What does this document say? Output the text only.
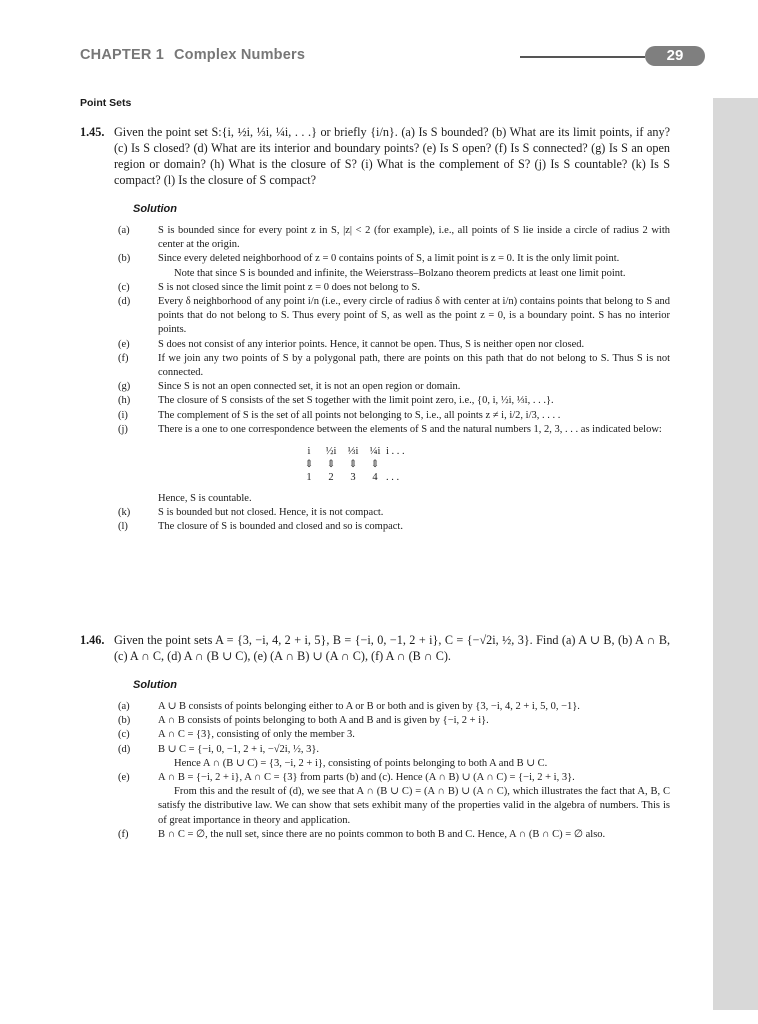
CHAPTER 1 Complex Numbers	29
Point Sets
1.45. Given the point set S:{i, ½i, ⅓i, ¼i, . . .} or briefly {i/n}. (a) Is S bounded? (b) What are its limit points, if any? (c) Is S closed? (d) What are its interior and boundary points? (e) Is S open? (f) Is S connected? (g) Is S an open region or domain? (h) What is the closure of S? (i) What is the complement of S? (j) Is S countable? (k) Is S compact? (l) Is the closure of S compact?
Solution
(a)	S is bounded since for every point z in S, |z| < 2 (for example), i.e., all points of S lie inside a circle of radius 2 with center at the origin.
(b)	Since every deleted neighborhood of z = 0 contains points of S, a limit point is z = 0. It is the only limit point.
Note that since S is bounded and infinite, the Weierstrass–Bolzano theorem predicts at least one limit point.
(c)	S is not closed since the limit point z = 0 does not belong to S.
(d)	Every δ neighborhood of any point i/n (i.e., every circle of radius δ with center at i/n) contains points that belong to S and points that do not belong to S. Thus every point of S, as well as the point z = 0, is a boundary point. S has no interior points.
(e)	S does not consist of any interior points. Hence, it cannot be open. Thus, S is neither open nor closed.
(f)	If we join any two points of S by a polygonal path, there are points on this path that do not belong to S. Thus S is not connected.
(g)	Since S is not an open connected set, it is not an open region or domain.
(h)	The closure of S consists of the set S together with the limit point zero, i.e., {0, i, ½i, ⅓i, . . .}.
(i)	The complement of S is the set of all points not belonging to S, i.e., all points z ≠ i, i/2, i/3, . . . .
(j)	There is a one to one correspondence between the elements of S and the natural numbers 1, 2, 3, . . . as indicated below:
i	½i	⅓i	¼i	i . . .
⇕	⇕	⇕	⇕	
1	2	3	4	. . .
Hence, S is countable.
(k)	S is bounded but not closed. Hence, it is not compact.
(l)	The closure of S is bounded and closed and so is compact.
1.46. Given the point sets A = {3, −i, 4, 2 + i, 5}, B = {−i, 0, −1, 2 + i}, C = {−√2i, ½, 3}. Find (a) A ∪ B, (b) A ∩ B, (c) A ∩ C, (d) A ∩ (B ∪ C), (e) (A ∩ B) ∪ (A ∩ C), (f) A ∩ (B ∩ C).
Solution
(a)	A ∪ B consists of points belonging either to A or B or both and is given by {3, −i, 4, 2 + i, 5, 0, −1}.
(b)	A ∩ B consists of points belonging to both A and B and is given by {−i, 2 + i}.
(c)	A ∩ C = {3}, consisting of only the member 3.
(d)	B ∪ C = {−i, 0, −1, 2 + i, −√2i, ½, 3}.
Hence A ∩ (B ∪ C) = {3, −i, 2 + i}, consisting of points belonging to both A and B ∪ C.
(e)	A ∩ B = {−i, 2 + i}, A ∩ C = {3} from parts (b) and (c). Hence (A ∩ B) ∪ (A ∩ C) = {−i, 2 + i, 3}.
From this and the result of (d), we see that A ∩ (B ∪ C) = (A ∩ B) ∪ (A ∩ C), which illustrates the fact that A, B, C satisfy the distributive law. We can show that sets exhibit many of the properties valid in the algebra of numbers. This is of great importance in theory and application.
(f)	B ∩ C = ∅, the null set, since there are no points common to both B and C. Hence, A ∩ (B ∩ C) = ∅ also.
